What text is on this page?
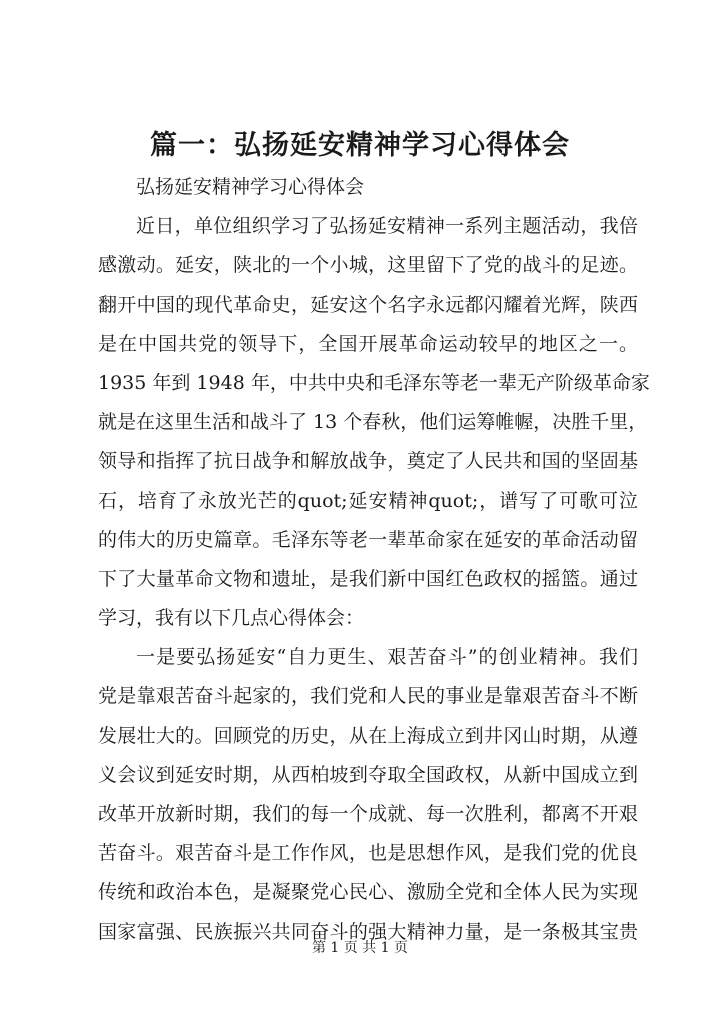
篇一：弘扬延安精神学习心得体会
弘扬延安精神学习心得体会
近日，单位组织学习了弘扬延安精神一系列主题活动，我倍
感激动。延安，陕北的一个小城，这里留下了党的战斗的足迹。
翻开中国的现代革命史，延安这个名字永远都闪耀着光辉，陕西
是在中国共党的领导下，全国开展革命运动较早的地区之一。
1935 年到 1948 年，中共中央和毛泽东等老一辈无产阶级革命家
就是在这里生活和战斗了 13 个春秋，他们运筹帷幄，决胜千里，
领导和指挥了抗日战争和解放战争，奠定了人民共和国的坚固基
石，培育了永放光芒的quot;延安精神quot;，谱写了可歌可泣
的伟大的历史篇章。毛泽东等老一辈革命家在延安的革命活动留
下了大量革命文物和遗址，是我们新中国红色政权的摇篮。通过
学习，我有以下几点心得体会：
一是要弘扬延安“自力更生、艰苦奋斗”的创业精神。我们
党是靠艰苦奋斗起家的，我们党和人民的事业是靠艰苦奋斗不断
发展壮大的。回顾党的历史，从在上海成立到井冈山时期，从遵
义会议到延安时期，从西柏坡到夺取全国政权，从新中国成立到
改革开放新时期，我们的每一个成就、每一次胜利，都离不开艰
苦奋斗。艰苦奋斗是工作作风，也是思想作风，是我们党的优良
传统和政治本色，是凝聚党心民心、激励全党和全体人民为实现
国家富强、民族振兴共同奋斗的强大精神力量，是一条极其宝贵
第 1 页 共 1 页
